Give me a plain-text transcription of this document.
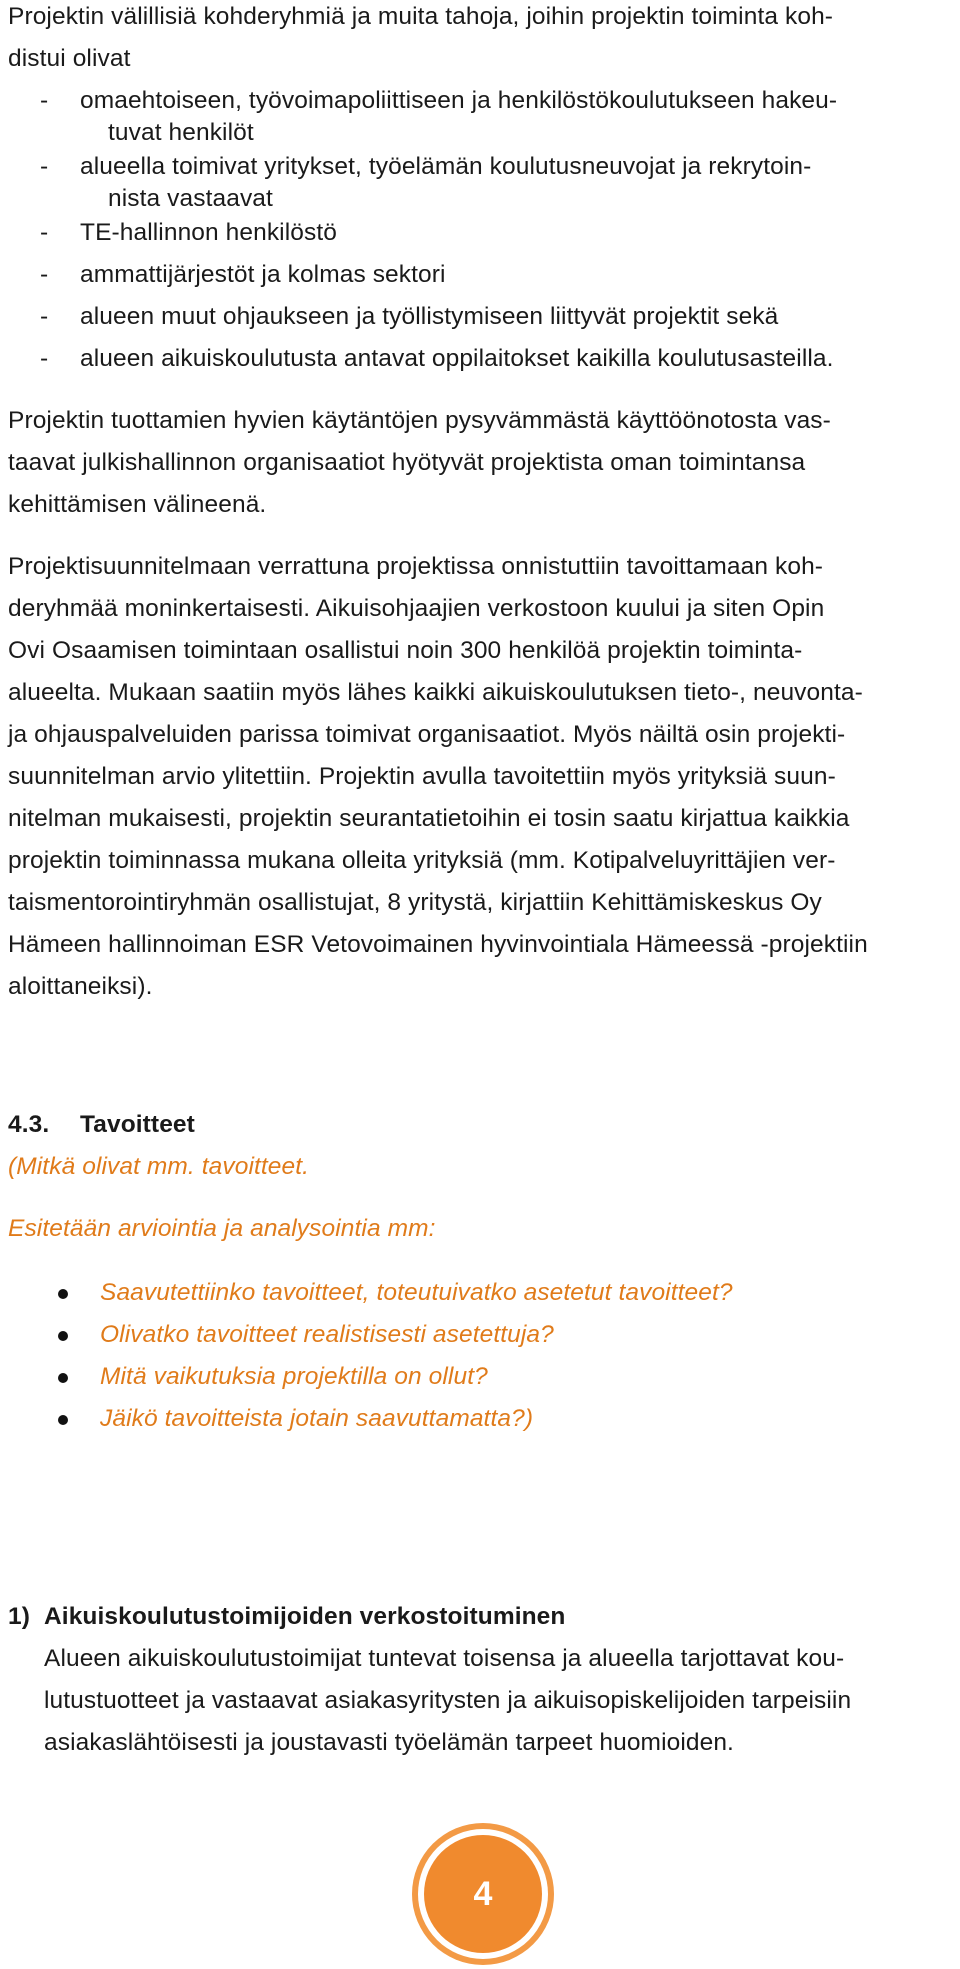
Projektin välillisiä kohderyhmiä ja muita tahoja, joihin projektin toiminta koh-
distui olivat
- omaehtoiseen, työvoimapoliittiseen ja henkilöstökoulutukseen hakeu-
tuvat henkilöt
- alueella toimivat yritykset, työelämän koulutusneuvojat ja rekrytoin-
nista vastaavat
- TE-hallinnon henkilöstö
- ammattijärjestöt ja kolmas sektori
- alueen muut ohjaukseen ja työllistymiseen liittyvät projektit sekä
- alueen aikuiskoulutusta antavat oppilaitokset kaikilla koulutusasteilla.
Projektin tuottamien hyvien käytäntöjen pysyvämmästä käyttöönotosta vas-
taavat julkishallinnon organisaatiot hyötyvät projektista oman toimintansa
kehittämisen välineenä.
Projektisuunnitelmaan verrattuna projektissa onnistuttiin tavoittamaan koh-
deryhmää moninkertaisesti. Aikuisohjaajien verkostoon kuului ja siten Opin
Ovi Osaamisen toimintaan osallistui noin 300 henkilöä projektin toiminta-
alueelta. Mukaan saatiin myös lähes kaikki aikuiskoulutuksen tieto-, neuvonta-
ja ohjauspalveluiden parissa toimivat organisaatiot. Myös näiltä osin projekti-
suunnitelman arvio ylitettiin. Projektin avulla tavoitettiin myös yrityksiä suun-
nitelman mukaisesti, projektin seurantatietoihin ei tosin saatu kirjattua kaikkia
projektin toiminnassa mukana olleita yrityksiä (mm. Kotipalveluyrittäjien ver-
taismentorointiryhmän osallistujat, 8 yritystä, kirjattiin Kehittämiskeskus Oy
Hämeen hallinnoiman ESR Vetovoimainen hyvinvointiala Hämeessä -projektiin
aloittaneiksi).
4.3. Tavoitteet
(Mitkä olivat mm. tavoitteet.
Esitetään arviointia ja analysointia mm:
Saavutettiinko tavoitteet, toteutuivatko asetetut tavoitteet?
Olivatko tavoitteet realistisesti asetettuja?
Mitä vaikutuksia projektilla on ollut?
Jäikö tavoitteista jotain saavuttamatta?)
1) Aikuiskoulutustoimijoiden verkostoituminen
Alueen aikuiskoulutustoimijat tuntevat toisensa ja alueella tarjottavat kou-
lutustuotteet ja vastaavat asiakasyritysten ja aikuisopiskelijoiden tarpeisiin
asiakaslähtöisesti ja joustavasti työelämän tarpeet huomioiden.
4
